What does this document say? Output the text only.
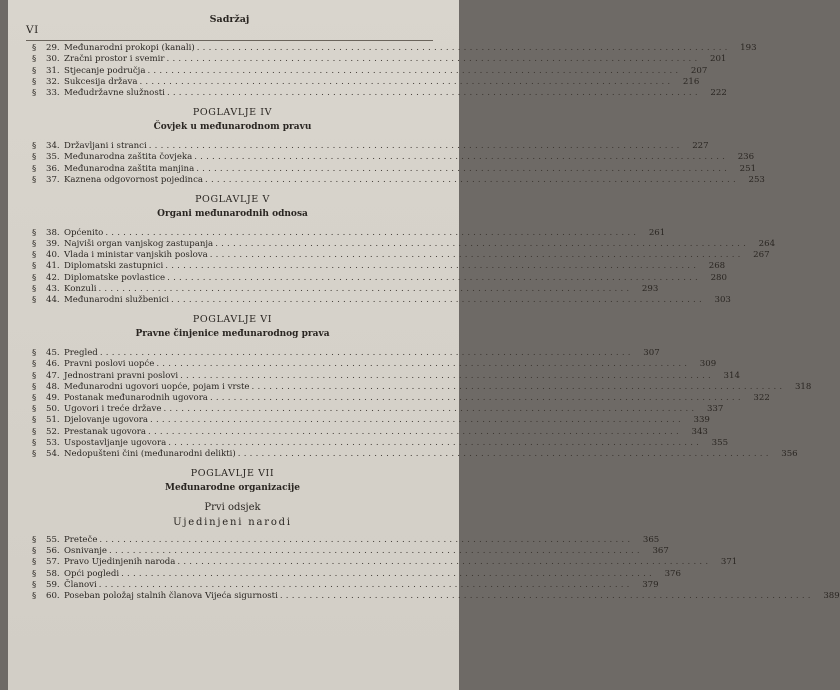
Sadržaj
VI
§	29. Međunarodni prokopi (kanali) ..........................................................................................	193
§	30. Zračni prostor i svemir ..........................................................................................	201
§	31. Stjecanje područja ..........................................................................................	207
§	32. Sukcesija država ..........................................................................................	216
§	33. Međudržavne služnosti ..........................................................................................	222
POGLAVLJE IV
Čovjek u međunarodnom pravu
§	34. Državljani i stranci ..........................................................................................	227
§	35. Međunarodna zaštita čovjeka ..........................................................................................	236
§	36. Međunarodna zaštita manjina ..........................................................................................	251
§	37. Kaznena odgovornost pojedinca ..........................................................................................	253
POGLAVLJE V
Organi međunarodnih odnosa
§	38. Općenito ..........................................................................................	261
§	39. Najviši organ vanjskog zastupanja ..........................................................................................	264
§	40. Vlada i ministar vanjskih poslova ..........................................................................................	267
§	41. Diplomatski zastupnici ..........................................................................................	268
§	42. Diplomatske povlastice ..........................................................................................	280
§	43. Konzuli ..........................................................................................	293
§	44. Međunarodni službenici ..........................................................................................	303
POGLAVLJE VI
Pravne činjenice međunarodnog prava
§	45. Pregled ..........................................................................................	307
§	46. Pravni poslovi uopće ..........................................................................................	309
§	47. Jednostrani pravni poslovi ..........................................................................................	314
§	48. Međunarodni ugovori uopće, pojam i vrste ..........................................................................................	318
§	49. Postanak međunarodnih ugovora ..........................................................................................	322
§	50. Ugovori i treće države ..........................................................................................	337
§	51. Djelovanje ugovora ..........................................................................................	339
§	52. Prestanak ugovora ..........................................................................................	343
§	53. Uspostavljanje ugovora ..........................................................................................	355
§	54. Nedopušteni čini (međunarodni delikti) ..........................................................................................	356
POGLAVLJE VII
Međunarodne organizacije
Prvi odsjek
Ujedinjeni narodi
§	55. Preteče ..........................................................................................	365
§	56. Osnivanje ..........................................................................................	367
§	57. Pravo Ujedinjenih naroda ..........................................................................................	371
§	58. Opći pogledi ..........................................................................................	376
§	59. Članovi ..........................................................................................	379
§	60. Poseban položaj stalnih članova Vijeća sigurnosti ..........................................................................................	389
